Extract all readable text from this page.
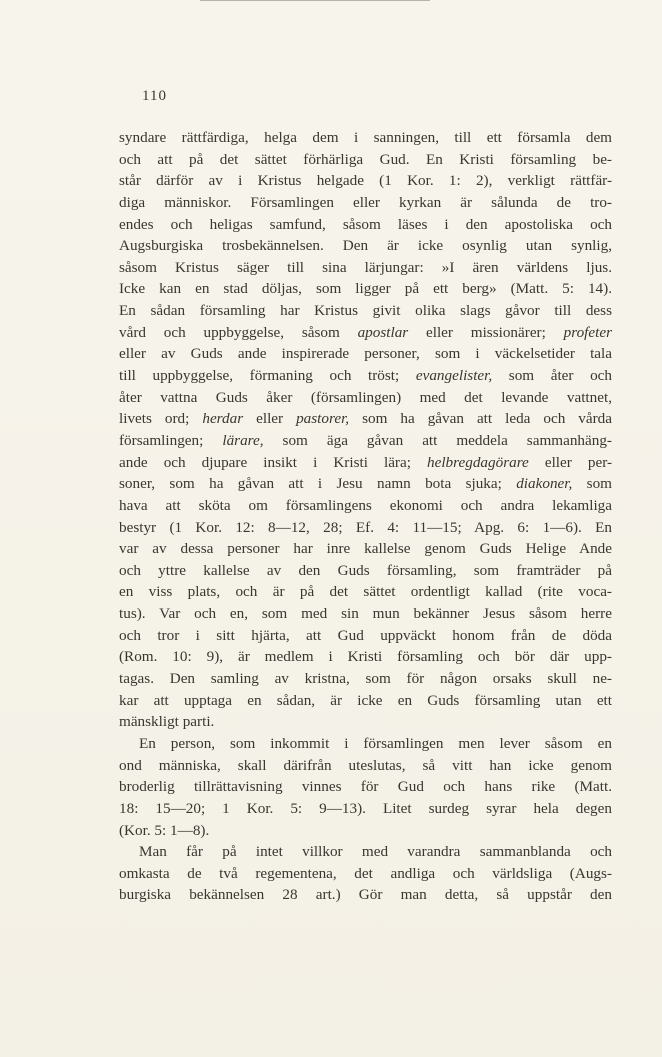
110
syndare rättfärdiga, helga dem i sanningen, till ett församla dem
och att på det sättet förhärliga Gud. En Kristi församling be-
står därför av i Kristus helgade (1 Kor. 1: 2), verkligt rättfär-
diga människor. Församlingen eller kyrkan är sålunda de tro-
endes och heligas samfund, såsom läses i den apostoliska och
Augsburgiska trosbekännelsen. Den är icke osynlig utan synlig,
såsom Kristus säger till sina lärjungar: »I ären världens ljus.
Icke kan en stad döljas, som ligger på ett berg» (Matt. 5: 14).
En sådan församling har Kristus givit olika slags gåvor till dess
vård och uppbyggelse, såsom apostlar eller missionärer; profeter
eller av Guds ande inspirerade personer, som i väckelsetider tala
till uppbyggelse, förmaning och tröst; evangelister, som åter och
åter vattna Guds åker (församlingen) med det levande vattnet,
livets ord; herdar eller pastorer, som ha gåvan att leda och vårda
församlingen; lärare, som äga gåvan att meddela sammanhäng-
ande och djupare insikt i Kristi lära; helbregdagörare eller per-
soner, som ha gåvan att i Jesu namn bota sjuka; diakoner, som
hava att sköta om församlingens ekonomi och andra lekamliga
bestyr (1 Kor. 12: 8—12, 28; Ef. 4: 11—15; Apg. 6: 1—6). En
var av dessa personer har inre kallelse genom Guds Helige Ande
och yttre kallelse av den Guds församling, som framträder på
en viss plats, och är på det sättet ordentligt kallad (rite voca-
tus). Var och en, som med sin mun bekänner Jesus såsom herre
och tror i sitt hjärta, att Gud uppväckt honom från de döda
(Rom. 10: 9), är medlem i Kristi församling och bör där upp-
tagas. Den samling av kristna, som för någon orsaks skull ne-
kar att upptaga en sådan, är icke en Guds församling utan ett
mänskligt parti.
En person, som inkommit i församlingen men lever såsom en
ond människa, skall därifrån uteslutas, så vitt han icke genom
broderlig tillrättavisning vinnes för Gud och hans rike (Matt.
18: 15—20; 1 Kor. 5: 9—13). Litet surdeg syrar hela degen
(Kor. 5: 1—8).
Man får på intet villkor med varandra sammanblanda och
omkasta de två regementena, det andliga och världsliga (Augs-
burgiska bekännelsen 28 art.) Gör man detta, så uppstår den
